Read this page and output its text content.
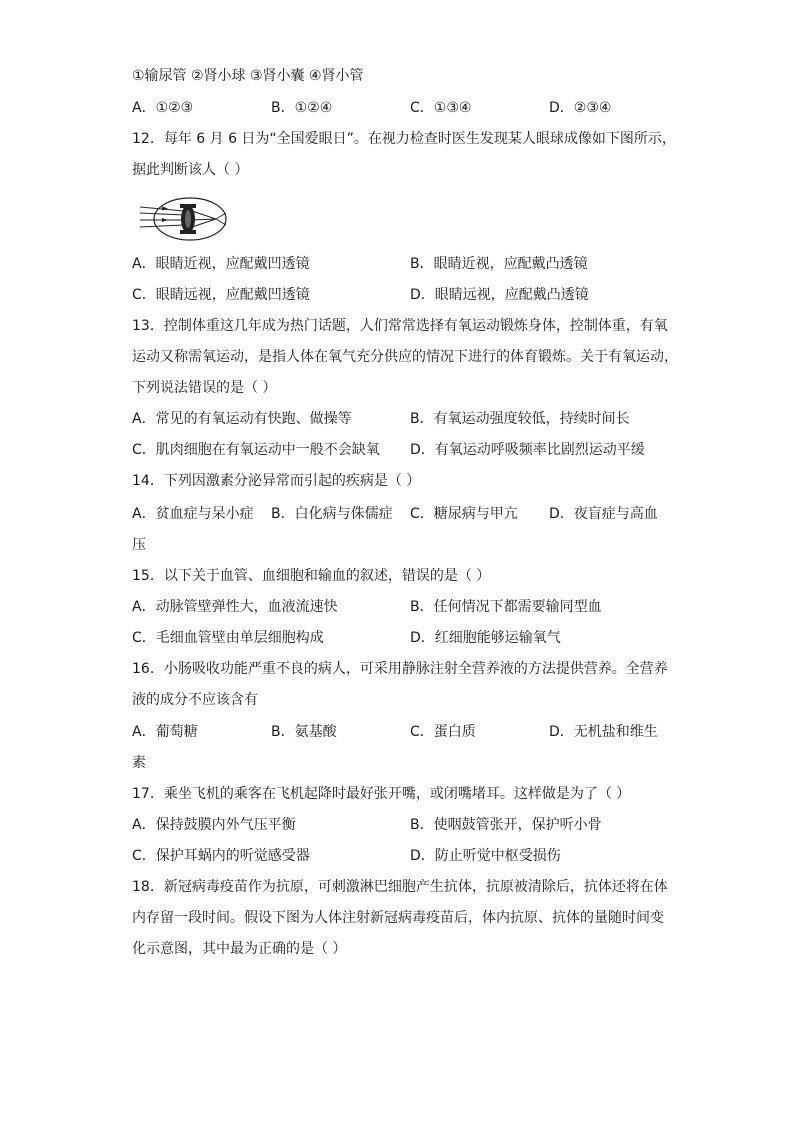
①输尿管 ②肾小球 ③肾小囊 ④肾小管
A．①②③	B．①②④	C．①③④	D．②③④
12．每年 6 月 6 日为“全国爱眼日”。在视力检查时医生发现某人眼球成像如下图所示，
据此判断该人（ ）
A．眼睛近视，应配戴凹透镜	B．眼睛近视，应配戴凸透镜
C．眼睛远视，应配戴凹透镜	D．眼睛远视，应配戴凸透镜
13．控制体重这几年成为热门话题，人们常常选择有氧运动锻炼身体，控制体重，有氧
运动又称需氧运动，是指人体在氧气充分供应的情况下进行的体育锻炼。关于有氧运动，
下列说法错误的是（ ）
A．常见的有氧运动有快跑、做操等	B．有氧运动强度较低，持续时间长
C．肌肉细胞在有氧运动中一般不会缺氧 D．有氧运动呼吸频率比剧烈运动平缓
14．下列因激素分泌异常而引起的疾病是（ ）
A．贫血症与呆小症 B．白化病与侏儒症 C．糖尿病与甲亢 D．夜盲症与高血
压
15．以下关于血管、血细胞和输血的叙述，错误的是（ ）
A．动脉管壁弹性大，血液流速快	B．任何情况下都需要输同型血
C．毛细血管壁由单层细胞构成	D．红细胞能够运输氧气
16．小肠吸收功能严重不良的病人，可采用静脉注射全营养液的方法提供营养。全营养
液的成分不应该含有
A．葡萄糖	B．氨基酸	C．蛋白质	D．无机盐和维生
素
17．乘坐飞机的乘客在飞机起降时最好张开嘴，或闭嘴堵耳。这样做是为了（ ）
A．保持鼓膜内外气压平衡	B．使咽鼓管张开，保护听小骨
C．保护耳蜗内的听觉感受器	D．防止听觉中枢受损伤
18．新冠病毒疫苗作为抗原，可刺激淋巴细胞产生抗体，抗原被清除后，抗体还将在体
内存留一段时间。假设下图为人体注射新冠病毒疫苗后，体内抗原、抗体的量随时间变
化示意图，其中最为正确的是（ ）
